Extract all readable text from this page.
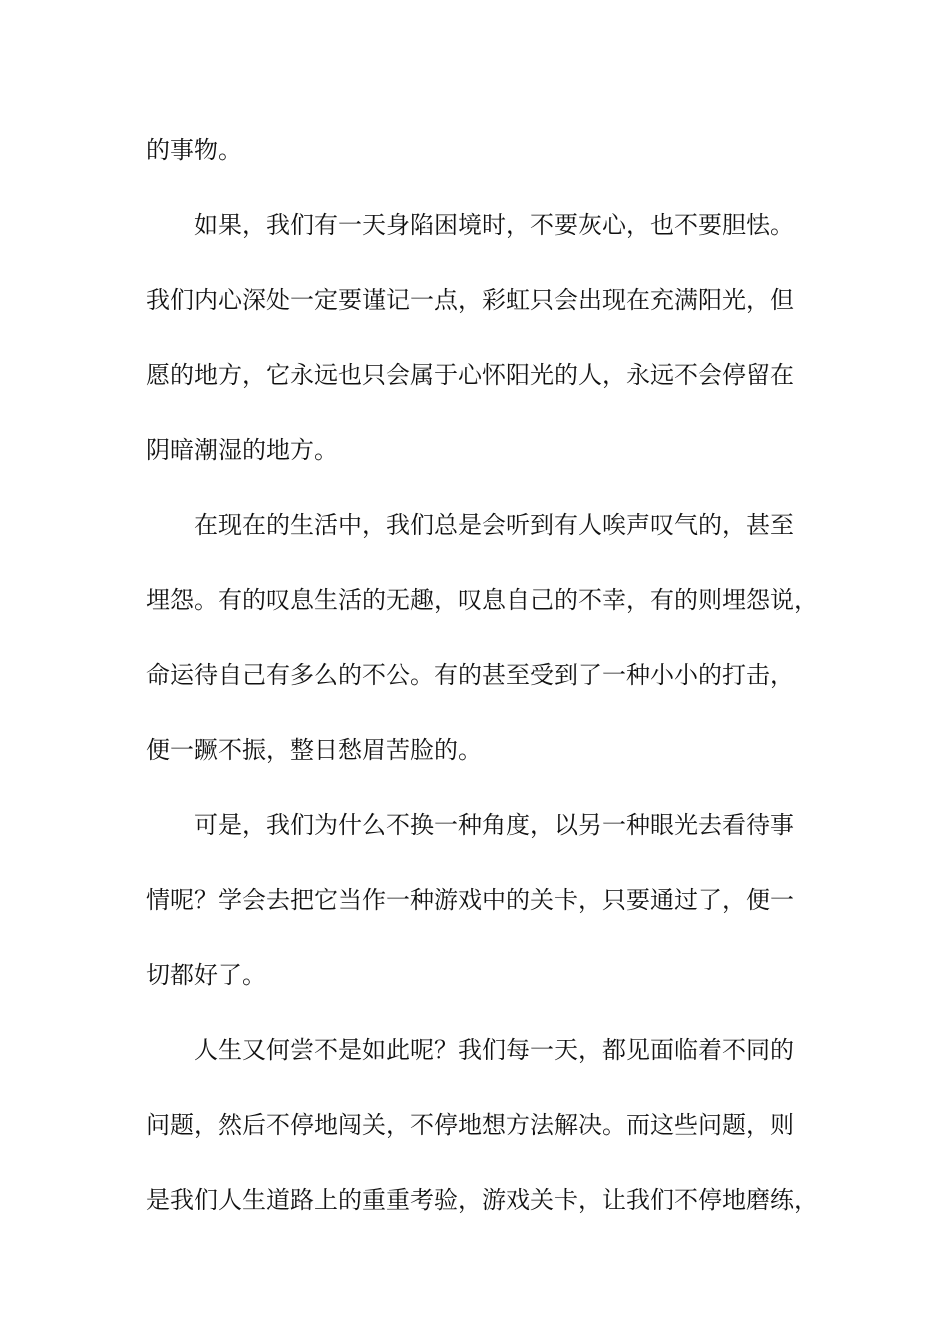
的事物。
如果，我们有一天身陷困境时，不要灰心，也不要胆怯。
我们内心深处一定要谨记一点，彩虹只会出现在充满阳光，但
愿的地方，它永远也只会属于心怀阳光的人，永远不会停留在
阴暗潮湿的地方。
在现在的生活中，我们总是会听到有人唉声叹气的，甚至
埋怨。有的叹息生活的无趣，叹息自己的不幸，有的则埋怨说，
命运待自己有多么的不公。有的甚至受到了一种小小的打击，
便一蹶不振，整日愁眉苦脸的。
可是，我们为什么不换一种角度，以另一种眼光去看待事
情呢？学会去把它当作一种游戏中的关卡，只要通过了，便一
切都好了。
人生又何尝不是如此呢？我们每一天，都见面临着不同的
问题，然后不停地闯关，不停地想方法解决。而这些问题，则
是我们人生道路上的重重考验，游戏关卡，让我们不停地磨练，
